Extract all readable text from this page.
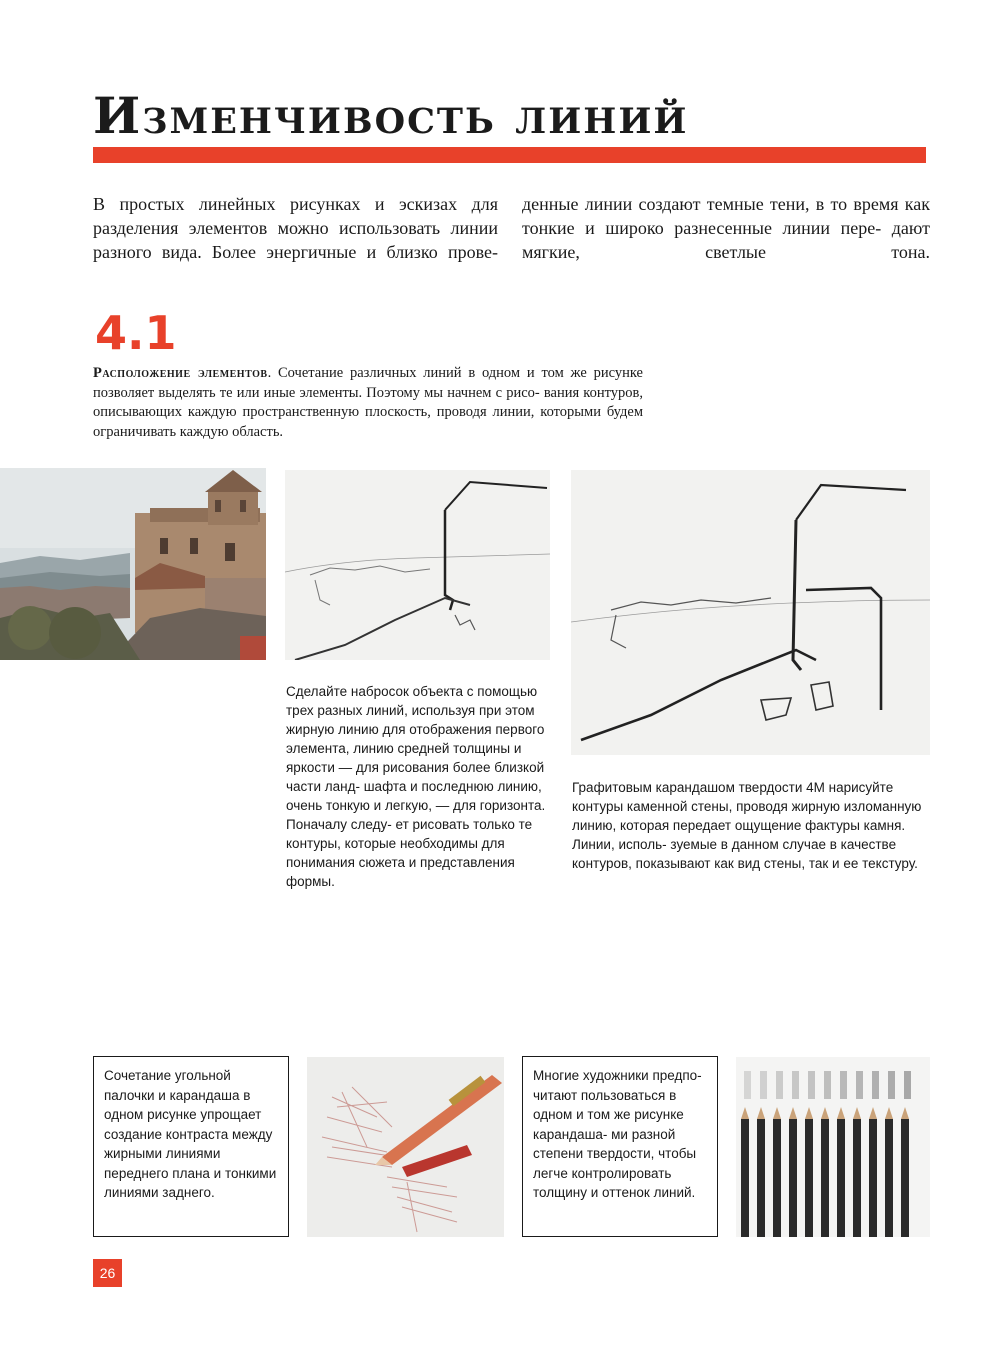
Изменчивость линий
В простых линейных рисунках и эскизах для разделения элементов можно использовать линии разного вида. Более энергичные и близко прове-
денные линии создают темные тени, в то время как тонкие и широко разнесенные линии пере- дают мягкие, светлые тона.
4.1
Расположение элементов. Сочетание различных линий в одном и том же рисунке позволяет выделять те или иные элементы. Поэтому мы начнем с рисо- вания контуров, описывающих каждую пространственную плоскость, проводя линии, которыми будем ограничивать каждую область.
Сделайте набросок объекта с помощью трех разных линий, используя при этом жирную линию для отображения первого элемента, линию средней толщины и яркости — для рисования более близкой части ланд- шафта и последнюю линию, очень тонкую и легкую, — для горизонта. Поначалу следу- ет рисовать только те контуры, которые необходимы для понимания сюжета и представления формы.
Графитовым карандашом твердости 4М нарисуйте контуры каменной стены, проводя жирную изломанную линию, которая передает ощущение фактуры камня. Линии, исполь- зуемые в данном случае в качестве контуров, показывают как вид стены, так и ее текстуру.
Сочетание угольной палочки и карандаша в одном рисунке упрощает создание контраста между жирными линиями переднего плана и тонкими линиями заднего.
Многие художники предпо- читают пользоваться в одном и том же рисунке карандаша- ми разной степени твердости, чтобы легче контролировать толщину и оттенок линий.
26
